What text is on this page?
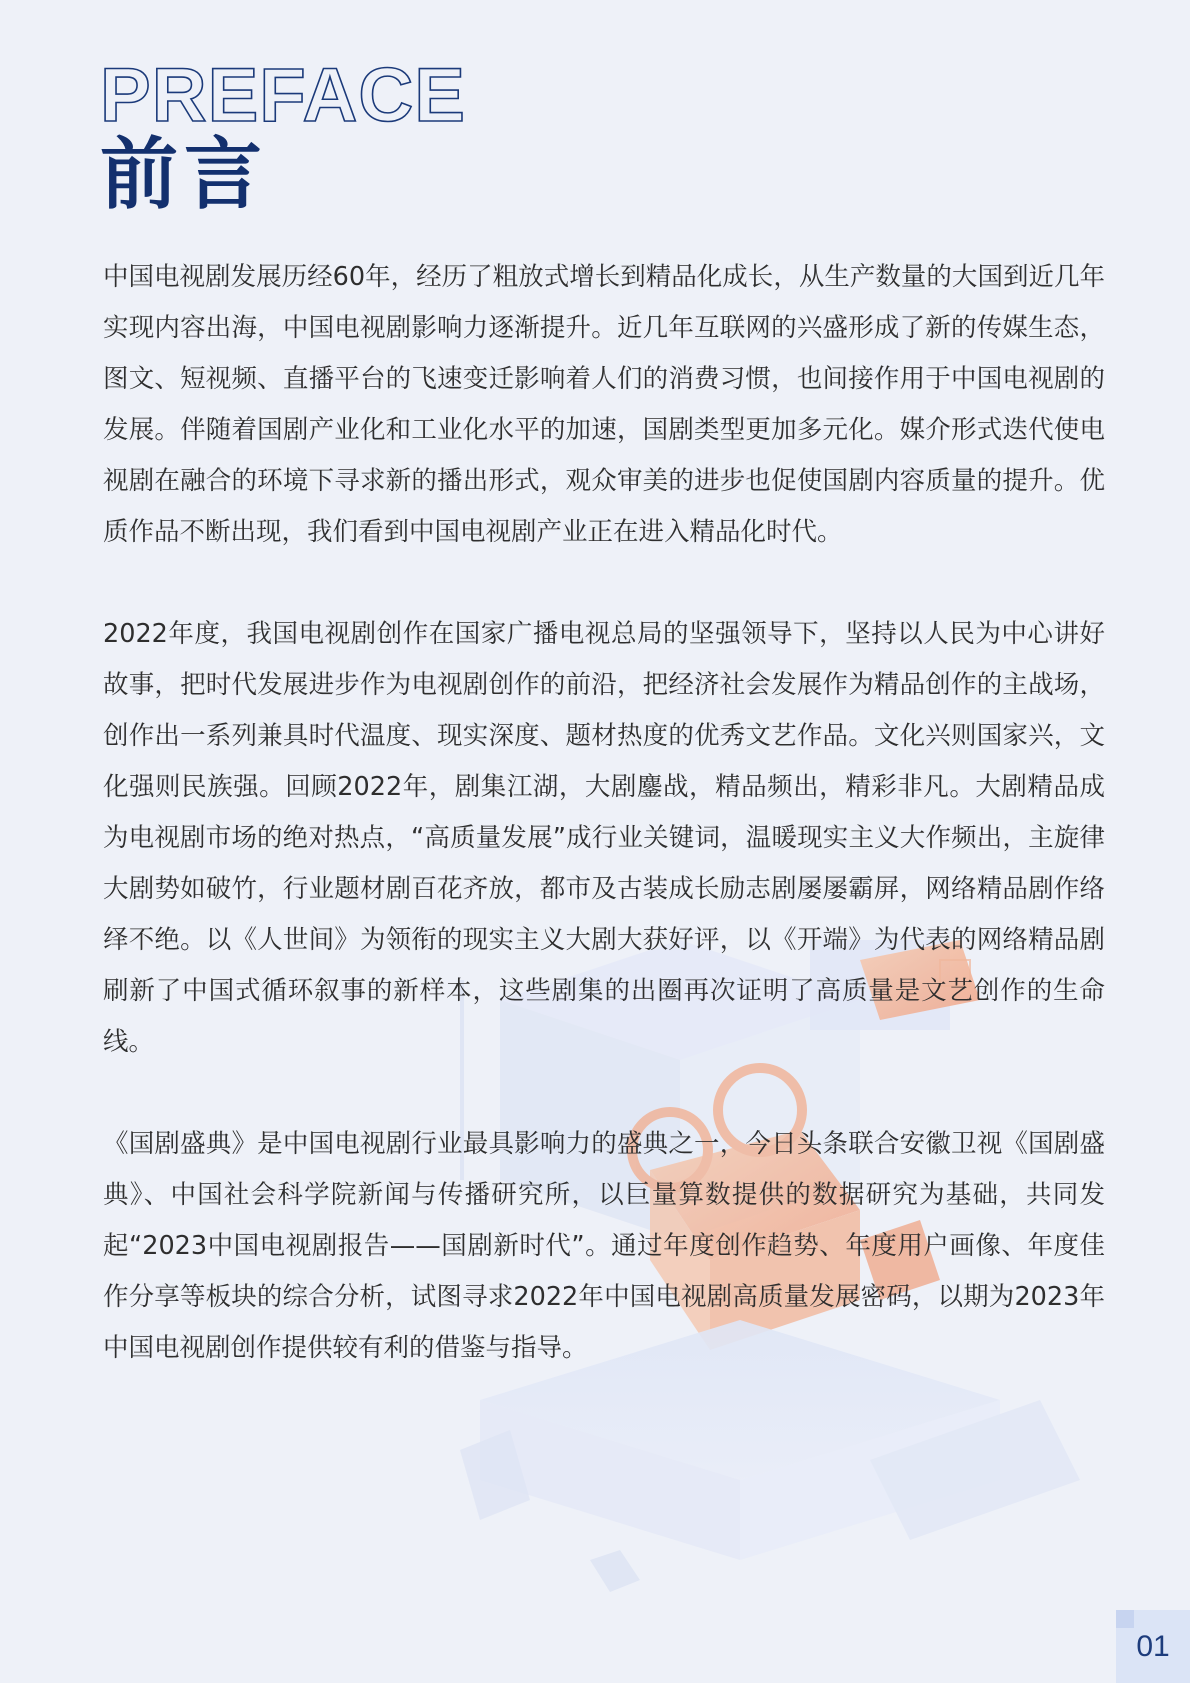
PREFACE
前言

中国电视剧发展历经60年，经历了粗放式增长到精品化成长，从生产数量的大国到近几年实现内容出海，中国电视剧影响力逐渐提升。近几年互联网的兴盛形成了新的传媒生态，图文、短视频、直播平台的飞速变迁影响着人们的消费习惯，也间接作用于中国电视剧的发展。伴随着国剧产业化和工业化水平的加速，国剧类型更加多元化。媒介形式迭代使电视剧在融合的环境下寻求新的播出形式，观众审美的进步也促使国剧内容质量的提升。优质作品不断出现，我们看到中国电视剧产业正在进入精品化时代。

2022年度，我国电视剧创作在国家广播电视总局的坚强领导下，坚持以人民为中心讲好故事，把时代发展进步作为电视剧创作的前沿，把经济社会发展作为精品创作的主战场，创作出一系列兼具时代温度、现实深度、题材热度的优秀文艺作品。文化兴则国家兴，文化强则民族强。回顾2022年，剧集江湖，大剧鏖战，精品频出，精彩非凡。大剧精品成为电视剧市场的绝对热点，“高质量发展”成行业关键词，温暖现实主义大作频出，主旋律大剧势如破竹，行业题材剧百花齐放，都市及古装成长励志剧屡屡霸屏，网络精品剧作络绎不绝。以《人世间》为领衔的现实主义大剧大获好评，以《开端》为代表的网络精品剧刷新了中国式循环叙事的新样本，这些剧集的出圈再次证明了高质量是文艺创作的生命线。

《国剧盛典》是中国电视剧行业最具影响力的盛典之一，今日头条联合安徽卫视《国剧盛典》、中国社会科学院新闻与传播研究所，以巨量算数提供的数据研究为基础，共同发起“2023中国电视剧报告——国剧新时代”。通过年度创作趋势、年度用户画像、年度佳作分享等板块的综合分析，试图寻求2022年中国电视剧高质量发展密码，以期为2023年中国电视剧创作提供较有利的借鉴与指导。

01
